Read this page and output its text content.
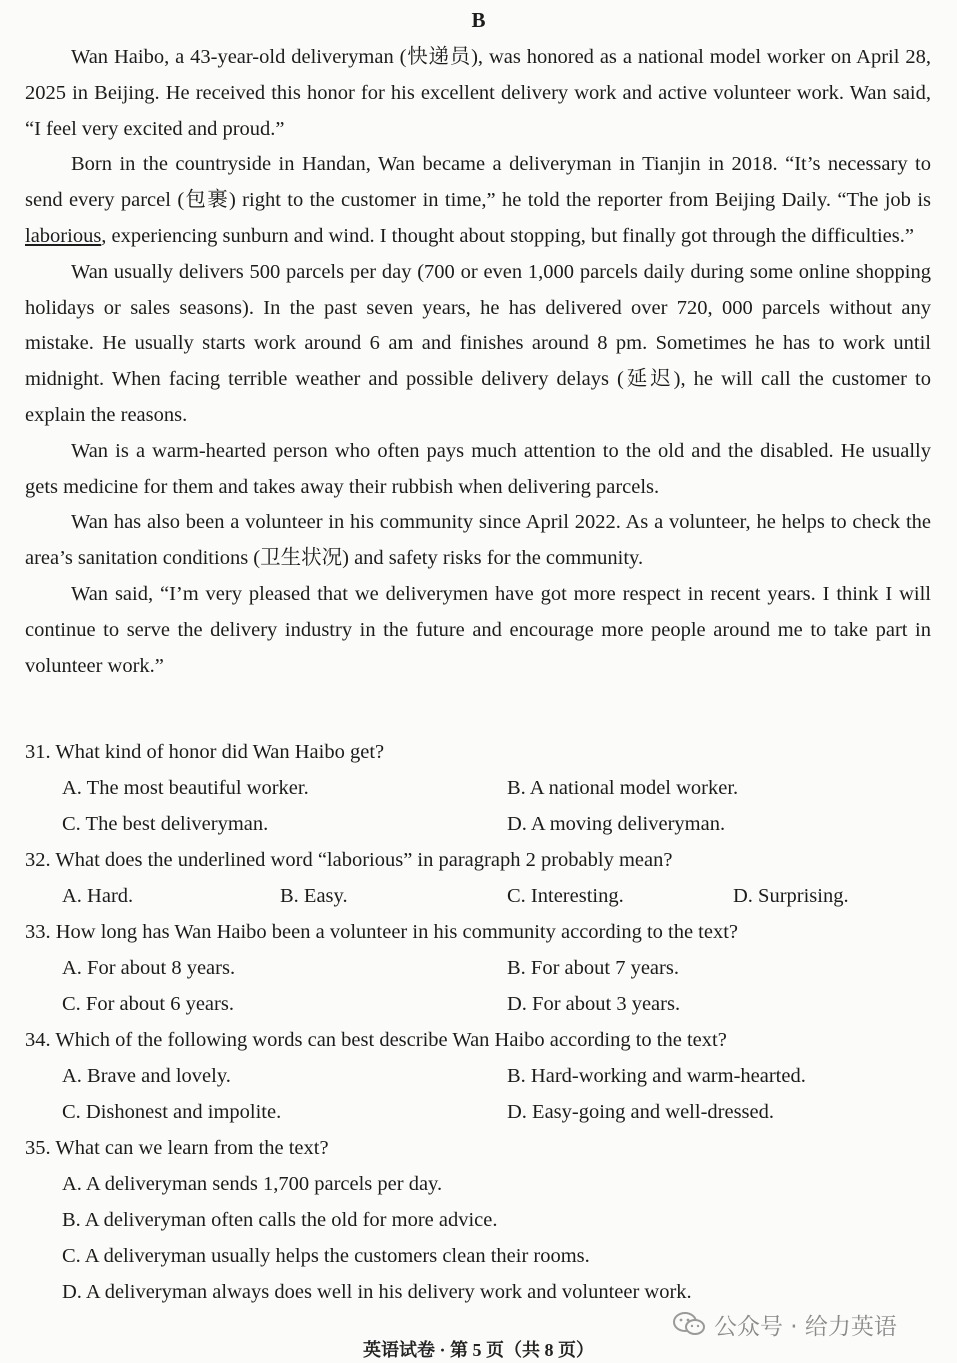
B

Wan Haibo, a 43-year-old deliveryman (快递员), was honored as a national model worker on April 28, 2025 in Beijing. He received this honor for his excellent delivery work and active volunteer work. Wan said, “I feel very excited and proud.”

Born in the countryside in Handan, Wan became a deliveryman in Tianjin in 2018. “It’s necessary to send every parcel (包裹) right to the customer in time,” he told the reporter from Beijing Daily. “The job is laborious, experiencing sunburn and wind. I thought about stopping, but finally got through the difficulties.”

Wan usually delivers 500 parcels per day (700 or even 1,000 parcels daily during some online shopping holidays or sales seasons). In the past seven years, he has delivered over 720, 000 parcels without any mistake. He usually starts work around 6 am and finishes around 8 pm. Sometimes he has to work until midnight. When facing terrible weather and possible delivery delays (延迟), he will call the customer to explain the reasons.

Wan is a warm-hearted person who often pays much attention to the old and the disabled. He usually gets medicine for them and takes away their rubbish when delivering parcels.

Wan has also been a volunteer in his community since April 2022. As a volunteer, he helps to check the area’s sanitation conditions (卫生状况) and safety risks for the community.

Wan said, “I’m very pleased that we deliverymen have got more respect in recent years. I think I will continue to serve the delivery industry in the future and encourage more people around me to take part in volunteer work.”

31. What kind of honor did Wan Haibo get?
A. The most beautiful worker.	B. A national model worker.
C. The best deliveryman.	D. A moving deliveryman.
32. What does the underlined word “laborious” in paragraph 2 probably mean?
A. Hard.	B. Easy.	C. Interesting.	D. Surprising.
33. How long has Wan Haibo been a volunteer in his community according to the text?
A. For about 8 years.	B. For about 7 years.
C. For about 6 years.	D. For about 3 years.
34. Which of the following words can best describe Wan Haibo according to the text?
A. Brave and lovely.	B. Hard-working and warm-hearted.
C. Dishonest and impolite.	D. Easy-going and well-dressed.
35. What can we learn from the text?
A. A deliveryman sends 1,700 parcels per day.
B. A deliveryman often calls the old for more advice.
C. A deliveryman usually helps the customers clean their rooms.
D. A deliveryman always does well in his delivery work and volunteer work.
公众号 · 给力英语
英语试卷 · 第 5 页（共 8 页）
